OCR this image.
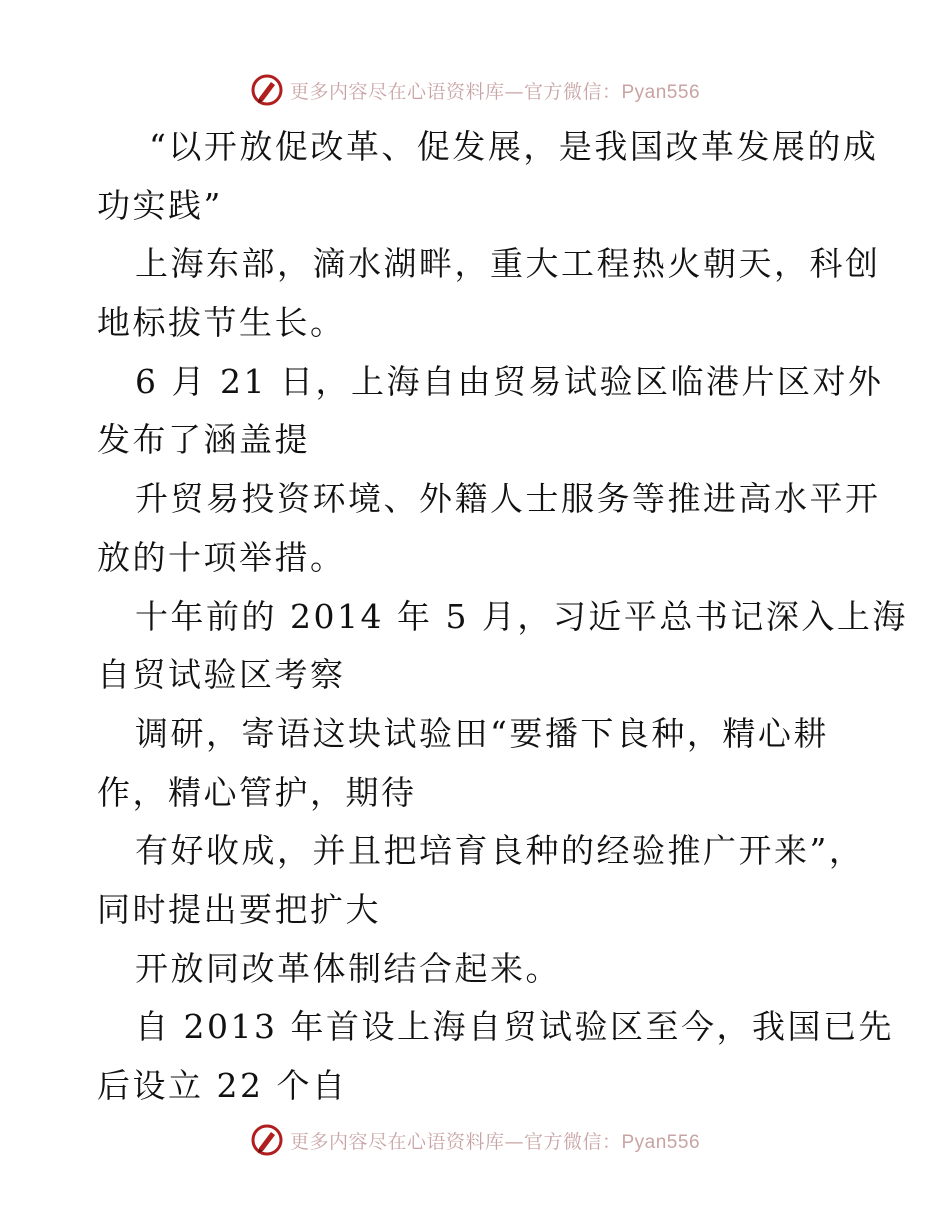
更多内容尽在心语资料库—官方微信：Pyan556
“以开放促改革、促发展，是我国改革发展的成
功实践”
上海东部，滴水湖畔，重大工程热火朝天，科创
地标拔节生长。
6 月 21 日，上海自由贸易试验区临港片区对外
发布了涵盖提
升贸易投资环境、外籍人士服务等推进高水平开
放的十项举措。
十年前的 2014 年 5 月，习近平总书记深入上海
自贸试验区考察
调研，寄语这块试验田“要播下良种，精心耕
作，精心管护，期待
有好收成，并且把培育良种的经验推广开来”，
同时提出要把扩大
开放同改革体制结合起来。
自 2013 年首设上海自贸试验区至今，我国已先
后设立 22 个自
更多内容尽在心语资料库—官方微信：Pyan556
